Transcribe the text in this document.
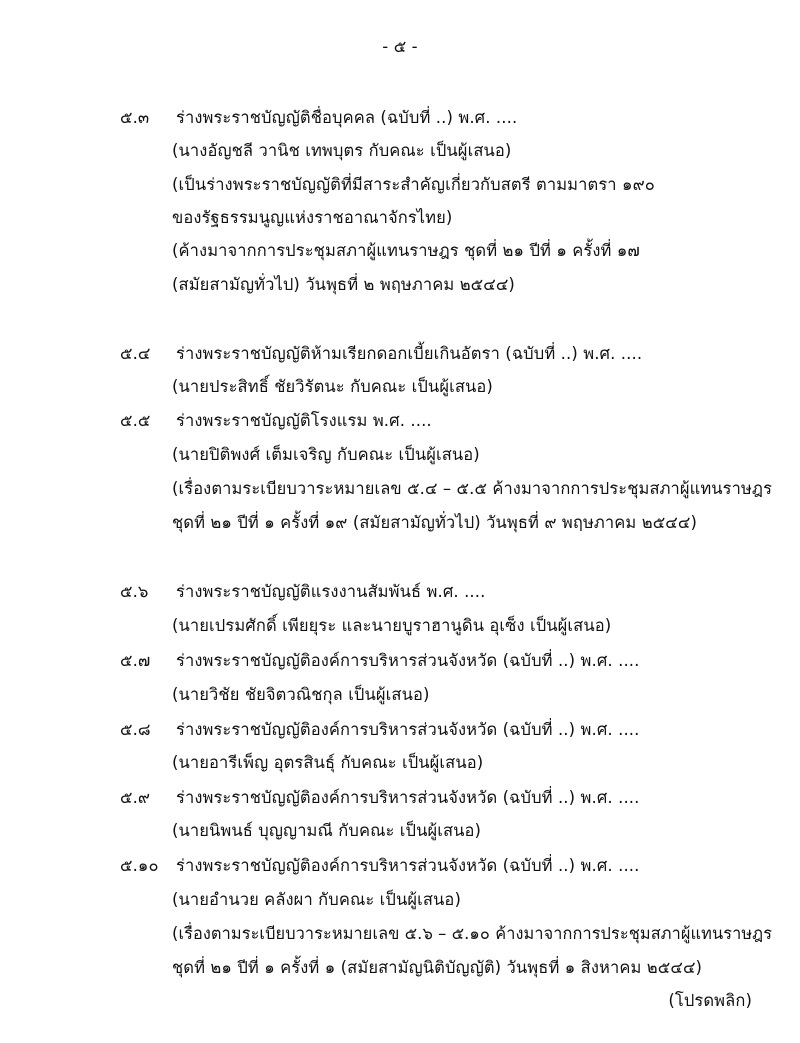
- ๕ -
๕.๓ ร่างพระราชบัญญัติชื่อบุคคล (ฉบับที่ ..) พ.ศ. ....
(นางอัญชลี วานิช เทพบุตร กับคณะ เป็นผู้เสนอ)
(เป็นร่างพระราชบัญญัติที่มีสาระสำคัญเกี่ยวกับสตรี ตามมาตรา ๑๙๐
ของรัฐธรรมนูญแห่งราชอาณาจักรไทย)
(ค้างมาจากการประชุมสภาผู้แทนราษฎร ชุดที่ ๒๑ ปีที่ ๑ ครั้งที่ ๑๗
(สมัยสามัญทั่วไป) วันพุธที่ ๒ พฤษภาคม ๒๕๔๔)
๕.๔ ร่างพระราชบัญญัติห้ามเรียกดอกเบี้ยเกินอัตรา (ฉบับที่ ..) พ.ศ. ....
(นายประสิทธิ์ ชัยวิรัตนะ กับคณะ เป็นผู้เสนอ)
๕.๕ ร่างพระราชบัญญัติโรงแรม พ.ศ. ....
(นายปิติพงศ์ เต็มเจริญ กับคณะ เป็นผู้เสนอ)
(เรื่องตามระเบียบวาระหมายเลข ๕.๔ – ๕.๕ ค้างมาจากการประชุมสภาผู้แทนราษฎร
ชุดที่ ๒๑ ปีที่ ๑ ครั้งที่ ๑๙ (สมัยสามัญทั่วไป) วันพุธที่ ๙ พฤษภาคม ๒๕๔๔)
๕.๖ ร่างพระราชบัญญัติแรงงานสัมพันธ์ พ.ศ. ....
(นายเปรมศักดิ์ เพียยุระ และนายบูราฮานูดิน อุเซ็ง เป็นผู้เสนอ)
๕.๗ ร่างพระราชบัญญัติองค์การบริหารส่วนจังหวัด (ฉบับที่ ..) พ.ศ. ....
(นายวิชัย ชัยจิตวณิชกุล เป็นผู้เสนอ)
๕.๘ ร่างพระราชบัญญัติองค์การบริหารส่วนจังหวัด (ฉบับที่ ..) พ.ศ. ....
(นายอารีเพ็ญ อุตรสินธุ์ กับคณะ เป็นผู้เสนอ)
๕.๙ ร่างพระราชบัญญัติองค์การบริหารส่วนจังหวัด (ฉบับที่ ..) พ.ศ. ....
(นายนิพนธ์ บุญญามณี กับคณะ เป็นผู้เสนอ)
๕.๑๐ ร่างพระราชบัญญัติองค์การบริหารส่วนจังหวัด (ฉบับที่ ..) พ.ศ. ....
(นายอำนวย คลังผา กับคณะ เป็นผู้เสนอ)
(เรื่องตามระเบียบวาระหมายเลข ๕.๖ – ๕.๑๐ ค้างมาจากการประชุมสภาผู้แทนราษฎร
ชุดที่ ๒๑ ปีที่ ๑ ครั้งที่ ๑ (สมัยสามัญนิติบัญญัติ) วันพุธที่ ๑ สิงหาคม ๒๕๔๔)
(โปรดพลิก)
